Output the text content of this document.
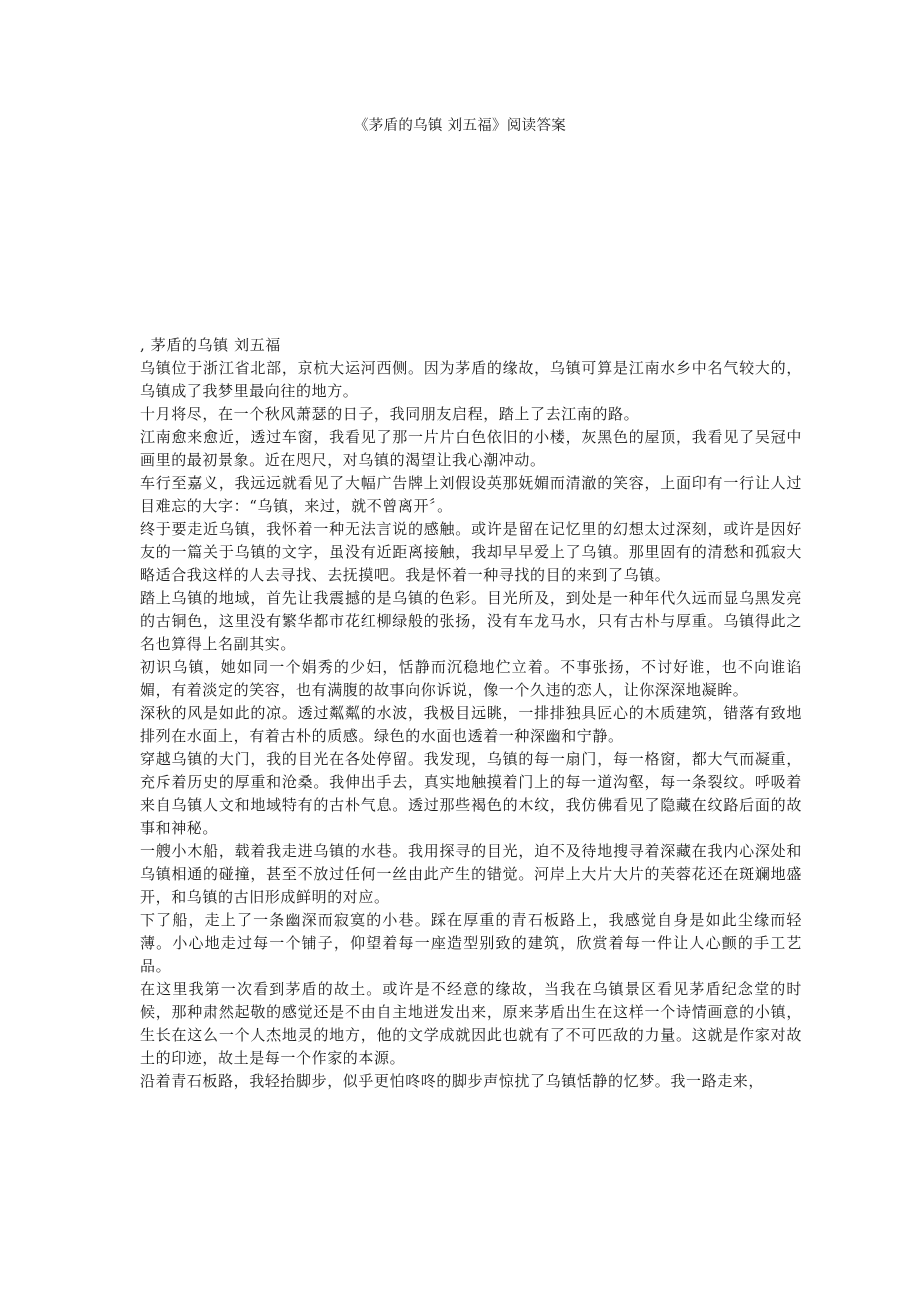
《茅盾的乌镇 刘五福》阅读答案

, 茅盾的乌镇 刘五福

乌镇位于浙江省北部，京杭大运河西侧。因为茅盾的缘故，乌镇可算是江南水乡中名气较大的，乌镇成了我梦里最向往的地方。

十月将尽，在一个秋风萧瑟的日子，我同朋友启程，踏上了去江南的路。

江南愈来愈近，透过车窗，我看见了那一片片白色依旧的小楼，灰黑色的屋顶，我看见了吴冠中画里的最初景象。近在咫尺，对乌镇的渴望让我心潮冲动。

车行至嘉义，我远远就看见了大幅广告牌上刘假设英那妩媚而清澈的笑容，上面印有一行让人过目难忘的大字：“乌镇，来过，就不曾离开〞。

终于要走近乌镇，我怀着一种无法言说的感触。或许是留在记忆里的幻想太过深刻，或许是因好友的一篇关于乌镇的文字，虽没有近距离接触，我却早早爱上了乌镇。那里固有的清愁和孤寂大略适合我这样的人去寻找、去抚摸吧。我是怀着一种寻找的目的来到了乌镇。

踏上乌镇的地域，首先让我震撼的是乌镇的色彩。目光所及，到处是一种年代久远而显乌黑发亮的古铜色，这里没有繁华都市花红柳绿般的张扬，没有车龙马水，只有古朴与厚重。乌镇得此之名也算得上名副其实。

初识乌镇，她如同一个娟秀的少妇，恬静而沉稳地伫立着。不事张扬，不讨好谁，也不向谁谄媚，有着淡定的笑容，也有满腹的故事向你诉说，像一个久违的恋人，让你深深地凝眸。

深秋的风是如此的凉。透过粼粼的水波，我极目远眺，一排排独具匠心的木质建筑，错落有致地排列在水面上，有着古朴的质感。绿色的水面也透着一种深幽和宁静。

穿越乌镇的大门，我的目光在各处停留。我发现，乌镇的每一扇门，每一格窗，都大气而凝重，充斥着历史的厚重和沧桑。我伸出手去，真实地触摸着门上的每一道沟壑，每一条裂纹。呼吸着来自乌镇人文和地域特有的古朴气息。透过那些褐色的木纹，我仿佛看见了隐藏在纹路后面的故事和神秘。

一艘小木船，载着我走进乌镇的水巷。我用探寻的目光，迫不及待地搜寻着深藏在我内心深处和乌镇相通的碰撞，甚至不放过任何一丝由此产生的错觉。河岸上大片大片的芙蓉花还在斑斓地盛开，和乌镇的古旧形成鲜明的对应。

下了船，走上了一条幽深而寂寞的小巷。踩在厚重的青石板路上，我感觉自身是如此尘缘而轻薄。小心地走过每一个铺子，仰望着每一座造型别致的建筑，欣赏着每一件让人心颤的手工艺品。

在这里我第一次看到茅盾的故土。或许是不经意的缘故，当我在乌镇景区看见茅盾纪念堂的时候，那种肃然起敬的感觉还是不由自主地迸发出来，原来茅盾出生在这样一个诗情画意的小镇，生长在这么一个人杰地灵的地方，他的文学成就因此也就有了不可匹敌的力量。这就是作家对故土的印迹，故土是每一个作家的本源。

沿着青石板路，我轻抬脚步，似乎更怕咚咚的脚步声惊扰了乌镇恬静的忆梦。我一路走来，
